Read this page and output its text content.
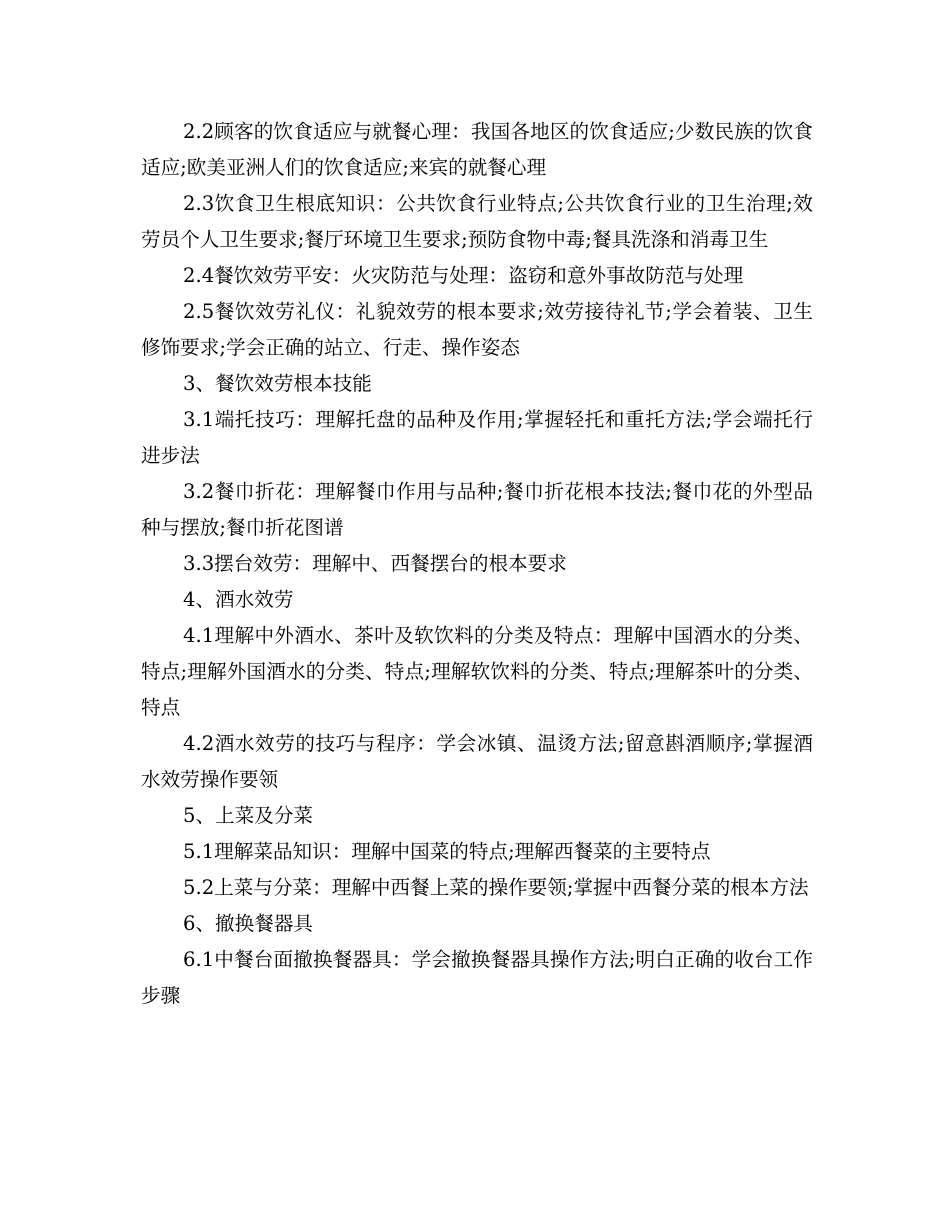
2.2顾客的饮食适应与就餐心理：我国各地区的饮食适应;少数民族的饮食适应;欧美亚洲人们的饮食适应;来宾的就餐心理

2.3饮食卫生根底知识：公共饮食行业特点;公共饮食行业的卫生治理;效劳员个人卫生要求;餐厅环境卫生要求;预防食物中毒;餐具洗涤和消毒卫生

2.4餐饮效劳平安：火灾防范与处理：盗窃和意外事故防范与处理

2.5餐饮效劳礼仪：礼貌效劳的根本要求;效劳接待礼节;学会着装、卫生修饰要求;学会正确的站立、行走、操作姿态

3、餐饮效劳根本技能

3.1端托技巧：理解托盘的品种及作用;掌握轻托和重托方法;学会端托行进步法

3.2餐巾折花：理解餐巾作用与品种;餐巾折花根本技法;餐巾花的外型品种与摆放;餐巾折花图谱

3.3摆台效劳：理解中、西餐摆台的根本要求

4、酒水效劳

4.1理解中外酒水、茶叶及软饮料的分类及特点：理解中国酒水的分类、特点;理解外国酒水的分类、特点;理解软饮料的分类、特点;理解茶叶的分类、特点

4.2酒水效劳的技巧与程序：学会冰镇、温烫方法;留意斟酒顺序;掌握酒水效劳操作要领

5、上菜及分菜

5.1理解菜品知识：理解中国菜的特点;理解西餐菜的主要特点

5.2上菜与分菜：理解中西餐上菜的操作要领;掌握中西餐分菜的根本方法

6、撤换餐器具

6.1中餐台面撤换餐器具：学会撤换餐器具操作方法;明白正确的收台工作步骤
